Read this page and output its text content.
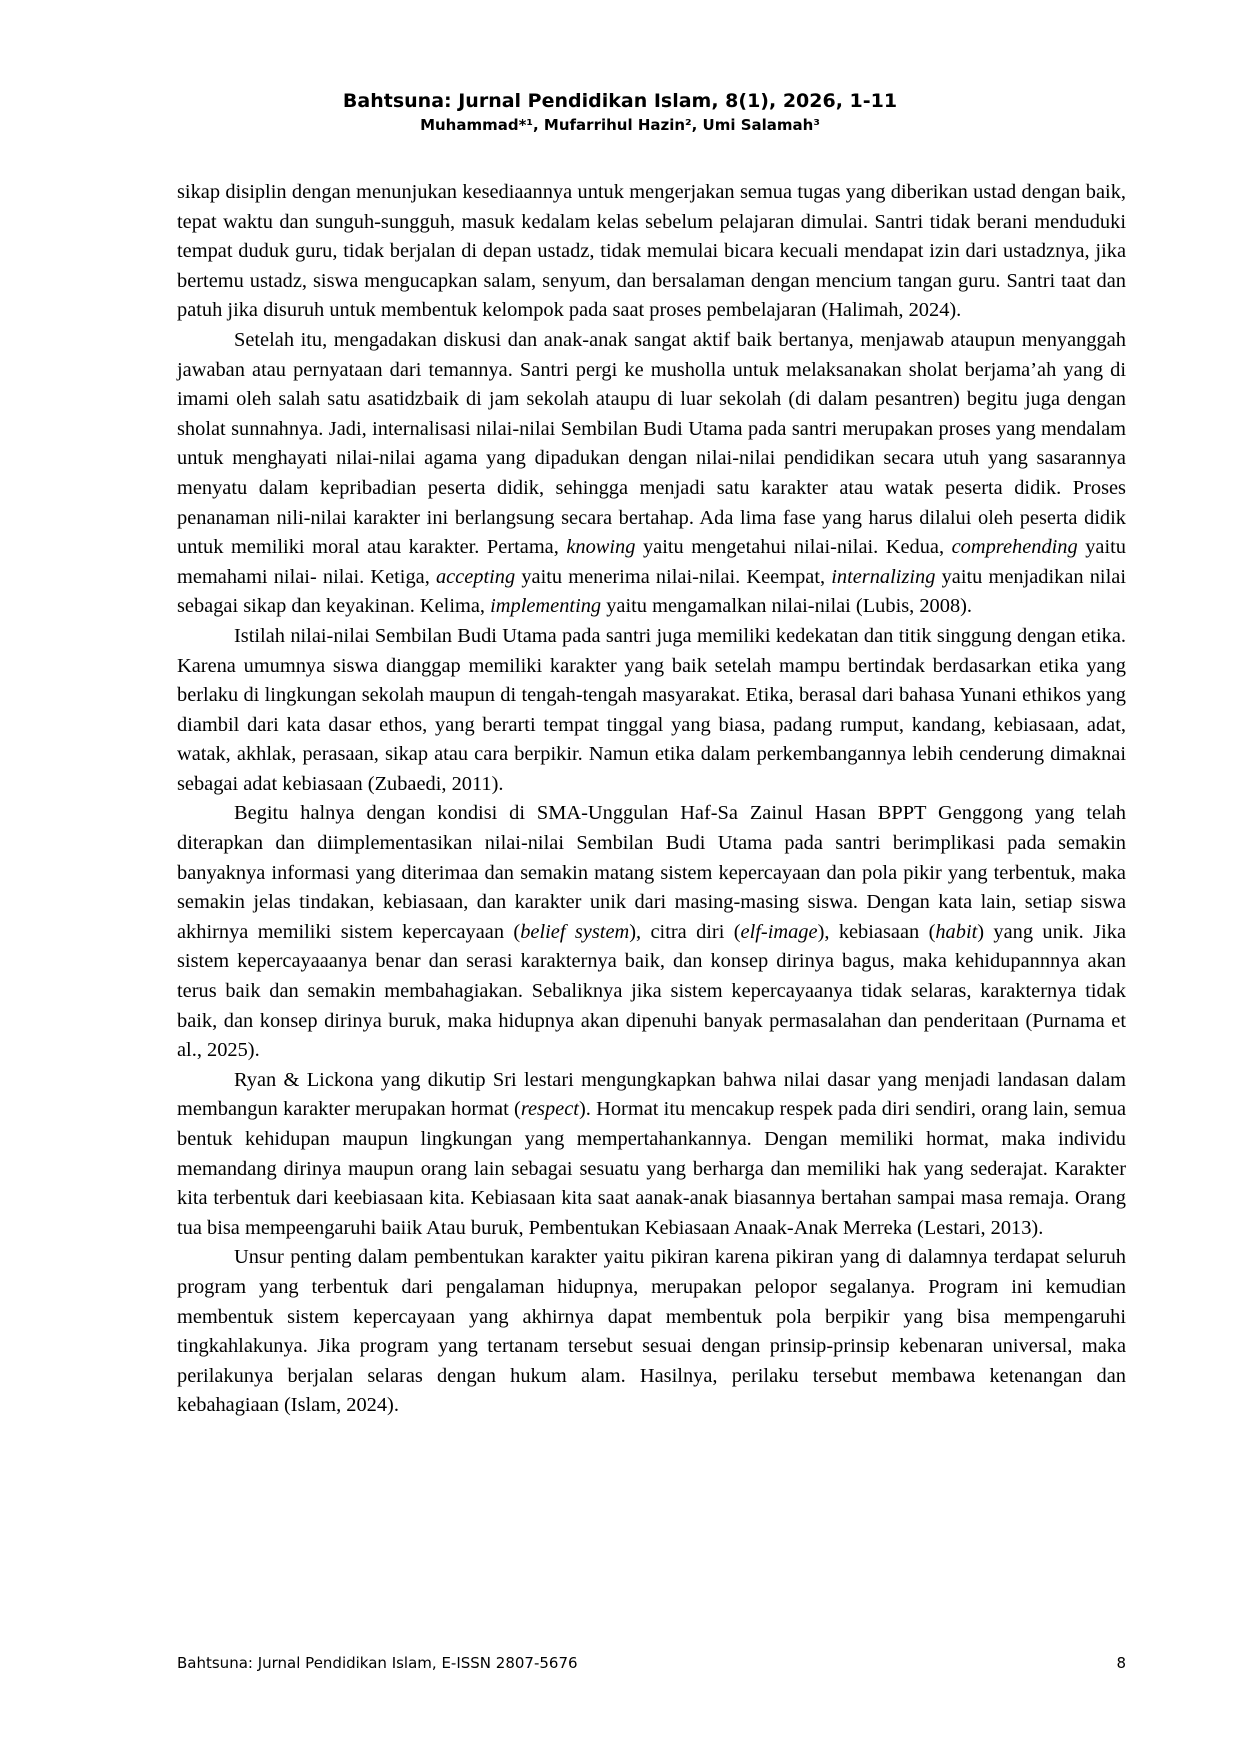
Bahtsuna: Jurnal Pendidikan Islam, 8(1), 2026, 1-11
Muhammad*¹, Mufarrihul Hazin², Umi Salamah³

sikap disiplin dengan menunjukan kesediaannya untuk mengerjakan semua tugas yang diberikan ustad dengan baik, tepat waktu dan sunguh-sungguh, masuk kedalam kelas sebelum pelajaran dimulai. Santri tidak berani menduduki tempat duduk guru, tidak berjalan di depan ustadz, tidak memulai bicara kecuali mendapat izin dari ustadznya, jika bertemu ustadz, siswa mengucapkan salam, senyum, dan bersalaman dengan mencium tangan guru. Santri taat dan patuh jika disuruh untuk membentuk kelompok pada saat proses pembelajaran (Halimah, 2024).

Setelah itu, mengadakan diskusi dan anak-anak sangat aktif baik bertanya, menjawab ataupun menyanggah jawaban atau pernyataan dari temannya. Santri pergi ke musholla untuk melaksanakan sholat berjama’ah yang di imami oleh salah satu asatidzbaik di jam sekolah ataupu di luar sekolah (di dalam pesantren) begitu juga dengan sholat sunnahnya. Jadi, internalisasi nilai-nilai Sembilan Budi Utama pada santri merupakan proses yang mendalam untuk menghayati nilai-nilai agama yang dipadukan dengan nilai-nilai pendidikan secara utuh yang sasarannya menyatu dalam kepribadian peserta didik, sehingga menjadi satu karakter atau watak peserta didik. Proses penanaman nili-nilai karakter ini berlangsung secara bertahap. Ada lima fase yang harus dilalui oleh peserta didik untuk memiliki moral atau karakter. Pertama, knowing yaitu mengetahui nilai-nilai. Kedua, comprehending yaitu memahami nilai- nilai. Ketiga, accepting yaitu menerima nilai-nilai. Keempat, internalizing yaitu menjadikan nilai sebagai sikap dan keyakinan. Kelima, implementing yaitu mengamalkan nilai-nilai (Lubis, 2008).

Istilah nilai-nilai Sembilan Budi Utama pada santri juga memiliki kedekatan dan titik singgung dengan etika. Karena umumnya siswa dianggap memiliki karakter yang baik setelah mampu bertindak berdasarkan etika yang berlaku di lingkungan sekolah maupun di tengah-tengah masyarakat. Etika, berasal dari bahasa Yunani ethikos yang diambil dari kata dasar ethos, yang berarti tempat tinggal yang biasa, padang rumput, kandang, kebiasaan, adat, watak, akhlak, perasaan, sikap atau cara berpikir. Namun etika dalam perkembangannya lebih cenderung dimaknai sebagai adat kebiasaan (Zubaedi, 2011).

Begitu halnya dengan kondisi di SMA-Unggulan Haf-Sa Zainul Hasan BPPT Genggong yang telah diterapkan dan diimplementasikan nilai-nilai Sembilan Budi Utama pada santri berimplikasi pada semakin banyaknya informasi yang diterimaa dan semakin matang sistem kepercayaan dan pola pikir yang terbentuk, maka semakin jelas tindakan, kebiasaan, dan karakter unik dari masing-masing siswa. Dengan kata lain, setiap siswa akhirnya memiliki sistem kepercayaan (belief system), citra diri (elf-image), kebiasaan (habit) yang unik. Jika sistem kepercayaaanya benar dan serasi karakternya baik, dan konsep dirinya bagus, maka kehidupannnya akan terus baik dan semakin membahagiakan. Sebaliknya jika sistem kepercayaanya tidak selaras, karakternya tidak baik, dan konsep dirinya buruk, maka hidupnya akan dipenuhi banyak permasalahan dan penderitaan (Purnama et al., 2025).

Ryan & Lickona yang dikutip Sri lestari mengungkapkan bahwa nilai dasar yang menjadi landasan dalam membangun karakter merupakan hormat (respect). Hormat itu mencakup respek pada diri sendiri, orang lain, semua bentuk kehidupan maupun lingkungan yang mempertahankannya. Dengan memiliki hormat, maka individu memandang dirinya maupun orang lain sebagai sesuatu yang berharga dan memiliki hak yang sederajat. Karakter kita terbentuk dari keebiasaan kita. Kebiasaan kita saat aanak-anak biasannya bertahan sampai masa remaja. Orang tua bisa mempeengaruhi baiik Atau buruk, Pembentukan Kebiasaan Anaak-Anak Merreka (Lestari, 2013).

Unsur penting dalam pembentukan karakter yaitu pikiran karena pikiran yang di dalamnya terdapat seluruh program yang terbentuk dari pengalaman hidupnya, merupakan pelopor segalanya. Program ini kemudian membentuk sistem kepercayaan yang akhirnya dapat membentuk pola berpikir yang bisa mempengaruhi tingkahlakunya. Jika program yang tertanam tersebut sesuai dengan prinsip-prinsip kebenaran universal, maka perilakunya berjalan selaras dengan hukum alam. Hasilnya, perilaku tersebut membawa ketenangan dan kebahagiaan (Islam, 2024).

Bahtsuna: Jurnal Pendidikan Islam, E-ISSN 2807-5676	8
